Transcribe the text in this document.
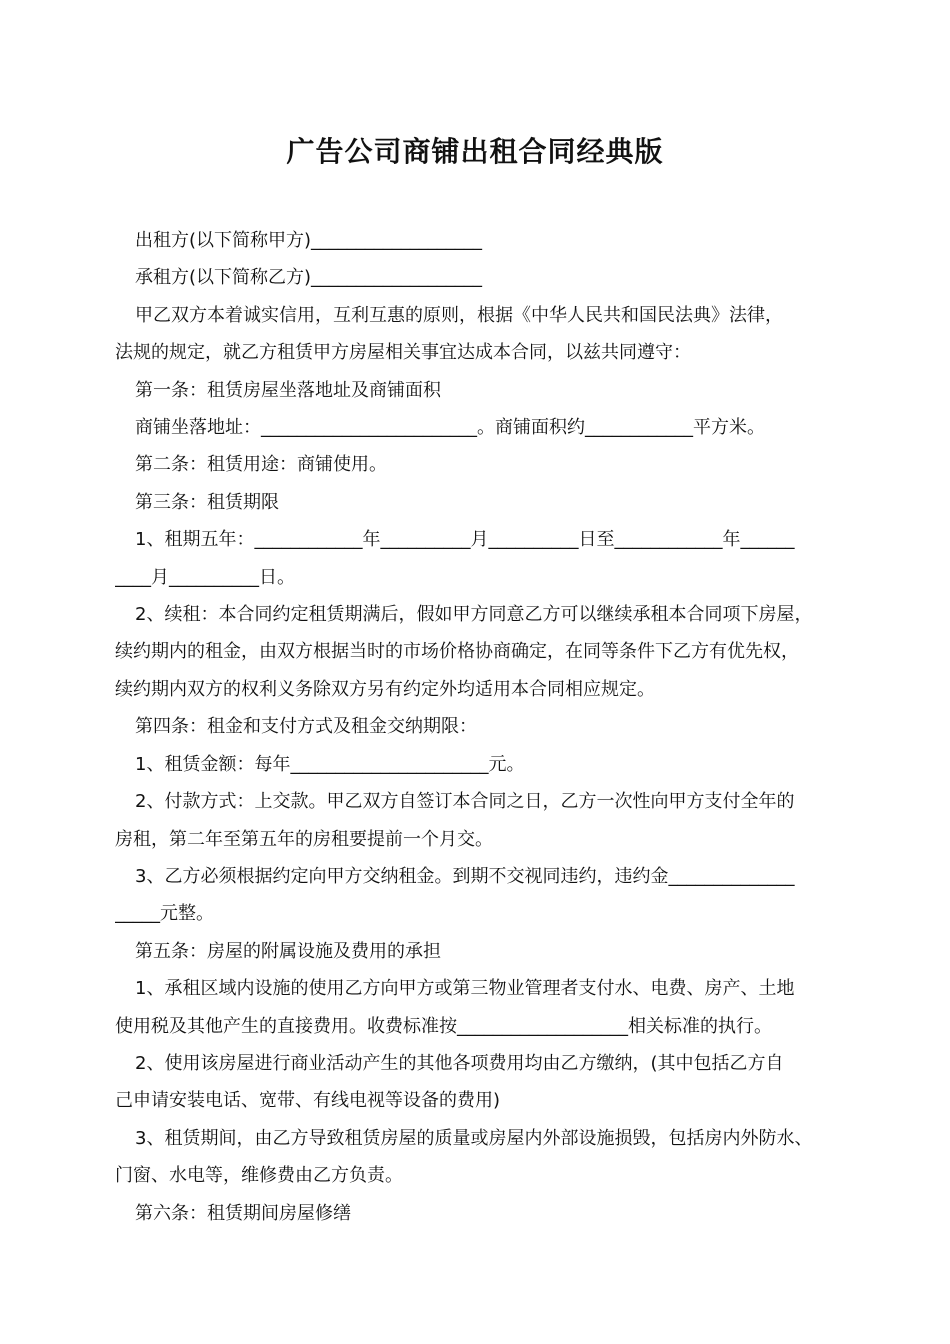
广告公司商铺出租合同经典版

出租方(以下简称甲方)___________________

承租方(以下简称乙方)___________________

甲乙双方本着诚实信用，互利互惠的原则，根据《中华人民共和国民法典》法律，

法规的规定，就乙方租赁甲方房屋相关事宜达成本合同，以兹共同遵守：

第一条：租赁房屋坐落地址及商铺面积

商铺坐落地址：________________________。商铺面积约____________平方米。

第二条：租赁用途：商铺使用。

第三条：租赁期限

1、租期五年：____________年__________月__________日至____________年______

____月__________日。

2、续租：本合同约定租赁期满后，假如甲方同意乙方可以继续承租本合同项下房屋，

续约期内的租金，由双方根据当时的市场价格协商确定，在同等条件下乙方有优先权，

续约期内双方的权利义务除双方另有约定外均适用本合同相应规定。

第四条：租金和支付方式及租金交纳期限：

1、租赁金额：每年______________________元。

2、付款方式：上交款。甲乙双方自签订本合同之日，乙方一次性向甲方支付全年的

房租，第二年至第五年的房租要提前一个月交。

3、乙方必须根据约定向甲方交纳租金。到期不交视同违约，违约金______________

_____元整。

第五条：房屋的附属设施及费用的承担

1、承租区域内设施的使用乙方向甲方或第三物业管理者支付水、电费、房产、土地

使用税及其他产生的直接费用。收费标准按___________________相关标准的执行。

2、使用该房屋进行商业活动产生的其他各项费用均由乙方缴纳，(其中包括乙方自

己申请安装电话、宽带、有线电视等设备的费用)

3、租赁期间，由乙方导致租赁房屋的质量或房屋内外部设施损毁，包括房内外防水、

门窗、水电等，维修费由乙方负责。

第六条：租赁期间房屋修缮
